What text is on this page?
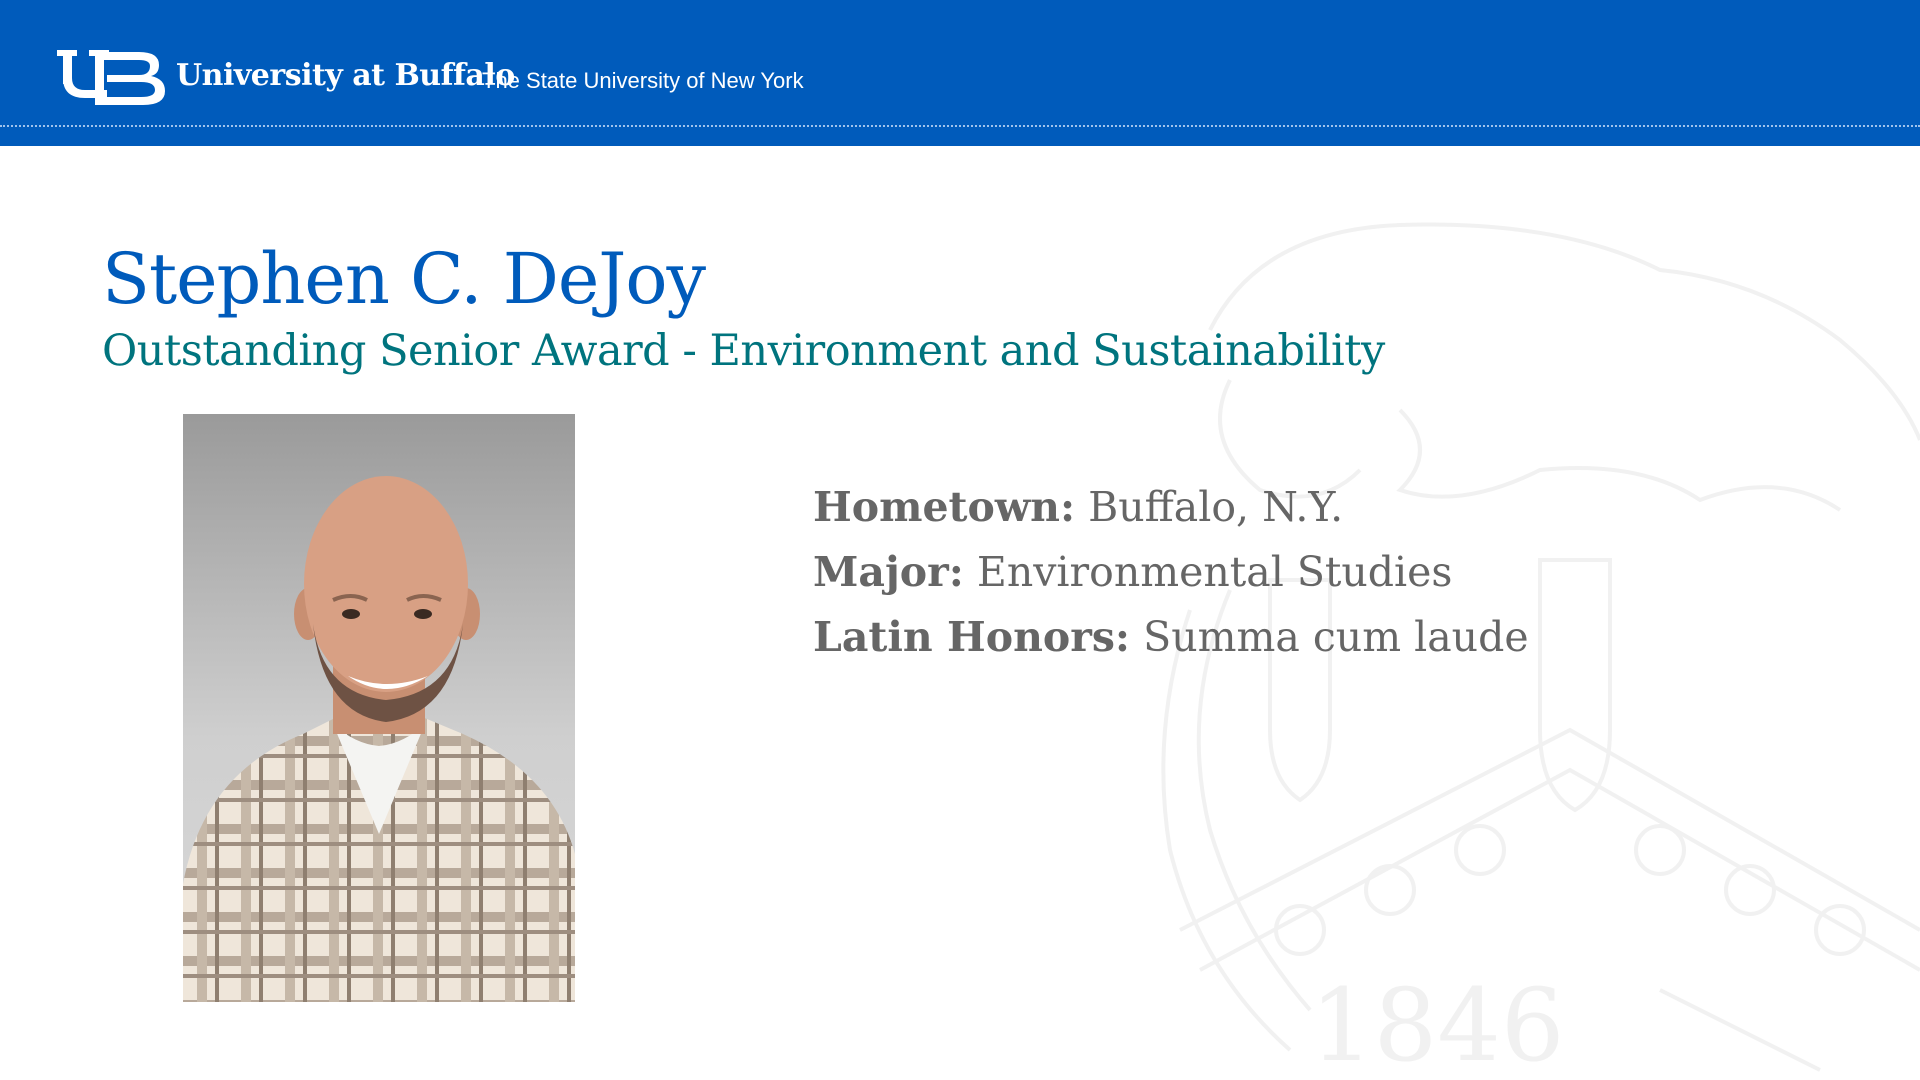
University at Buffalo
The State University of New York
1846
Stephen C. DeJoy
Outstanding Senior Award - Environment and Sustainability
Hometown: Buffalo, N.Y.
Major: Environmental Studies
Latin Honors: Summa cum laude
